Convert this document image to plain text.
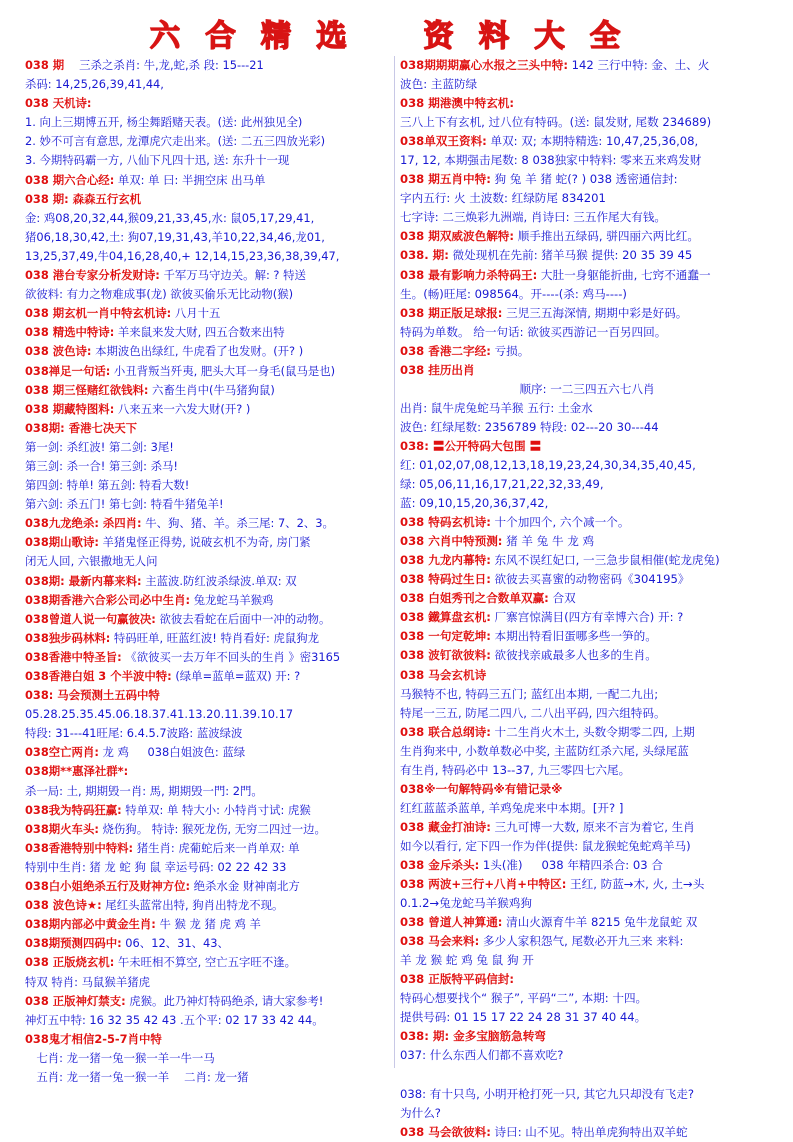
六 合 精 选	资 料 大 全
038 期　 三杀之杀肖: 牛,龙,蛇,杀 段: 15---21
杀码: 14,25,26,39,41,44,
038 天机诗:
1. 向上三期博五开, 杨尘舞蹈赌天表。(送: 此州独见全)
2. 妙不可言有意思, 龙潭虎穴走出来。(送: 二五三四放光彩)
3. 今期特码霸一方, 八仙下凡四十迅, 送: 东升十一现
038 期六合心经: 单双: 单 曰: 半拥空床 出马单
038 期: 森森五行玄机
金: 鸡08,20,32,44,猴09,21,33,45,水: 鼠05,17,29,41,
猪06,18,30,42,土: 狗07,19,31,43,羊10,22,34,46,龙01,
13,25,37,49,牛04,16,28,40,+ 12,14,15,23,36,38,39,47,
038 港台专家分析发财诗: 千军万马守边关。解: ? 特送
欲彼料: 有力之物难成事(龙) 欲彼买偷乐无比动物(猴)
038 期玄机一肖中特玄机诗: 八月十五
038 精选中特诗: 羊来鼠来发大财, 四五合数来出特
038 波色诗: 本期波色出绿红, 牛虎看了也发财。(开? )
038禅足一句话: 小丑背叛当歼夷, 肥头大耳一身毛(鼠马是也)
038 期三怪赌红欲钱料: 六畜生肖中(牛马猪狗鼠)
038 期藏特图料: 八来五来一六发大财(开? )
038期: 香港七决天下
第一剑: 杀红波! 第二剑: 3尾!
第三剑: 杀一合! 第三剑: 杀马!
第四剑: 特单! 第五剑: 特看大数!
第六剑: 杀五门! 第七剑: 特看牛猪兔羊!
038九龙绝杀: 杀四肖: 牛、狗、猪、羊。杀三尾: 7、2、3。
038期山歌诗: 羊猪鬼怪正得势, 说破玄机不为奇, 房门紧
闭无人回, 六银撒地无人问
038期: 最新内幕来料: 主蓝波.防红波杀绿波.单双: 双
038期香港六合彩公司必中生肖: 兔龙蛇马羊猴鸡
038曾道人说一句赢彼决: 欲彼去看蛇在后面中一冲的动物。
038独步码林料: 特码旺单, 旺蓝红波! 特肖看好: 虎鼠狗龙
038香港中特圣旨: 《欲彼买一去万年不回头的生肖 》密3165
038香港白姐 3 个半波中特: (绿单=蓝单=蓝双) 开: ?
038: 马会预测土五码中特
05.28.25.35.45.06.18.37.41.13.20.11.39.10.17
特段: 31---41旺尾: 6.4.5.7波路: 蓝波绿波
038空亡两肖: 龙 鸡 　 038白姐波色: 蓝绿
038期**惠泽社群*:
杀一局: 土, 期期毁一肖: 馬, 期期毁一門: 2門。
038我为特码狂赢: 特单双: 单 特大小: 小特肖寸试: 虎猴
038期火车头: 烧伤狗。 特诗: 猴死龙伤, 无穷二四过一边。
038香港特别中特料: 猪生肖: 虎葡蛇后来一肖单双: 单
特别中生肖: 猪 龙 蛇 狗 鼠 幸运号码: 02 22 42 33
038白小姐绝杀五行及财神方位: 绝杀水金 财神南北方
038 波色诗★: 尾红头蓝常出特, 狗肖出特龙不现。
038期内部必中黄金生肖: 牛 猴 龙 猪 虎 鸡 羊
038期预测四码中: 06、12、31、43、
038 正版烧玄机: 午未旺相不算空, 空亡五字旺不逢。
特双 特肖: 马鼠猴羊猪虎
038 正版神灯禁支: 虎猴。此乃神灯特码绝杀, 请大家参考!
神灯五中特: 16 32 35 42 43 .五个平: 02 17 33 42 44。
038鬼才相信2-5-7肖中特
　七肖: 龙一猪一兔一猴一羊一牛一马
　五肖: 龙一猪一兔一猴一羊　 二肖: 龙一猪
038期期期赢心水报之三头中特: 142 三行中特: 金、土、火
波色: 主蓝防绿
038 期港澳中特玄机:
三八上下有玄机, 过八位有特码。(送: 鼠发财, 尾数 234689)
038单双王资料: 单双: 双; 本期特精选: 10,47,25,36,08,
17, 12, 本期强击尾数: 8 038独家中特料: 零来五来鸡发财
038 期五肖中特: 狗 兔 羊 猪 蛇(? ) 038 透密通信封:
字内五行: 火 土波数: 红绿防尾 834201
七字诗: 二三焕彩九洲端, 肖诗曰: 三五作尾大有钱。
038 期双威波色解特: 顺手推出五绿码, 骈四丽六两比红。
038. 期: 微处现机在先前: 猪羊马猴 提供: 20 35 39 45
038 最有影响力杀特码王: 大肚一身躯能折曲, 七窍不通蠢一
生。(畅)旺尾: 098564。开----(杀: 鸡马----)
038 期正版足球报: 三児三五海深情, 期期中彩是好码。
特码为单数。 给一句话: 欲彼买西游记一百另四回。
038 香港二字经: 亏损。
038 挂历出肖
顺序: 一二三四五六七八肖
出肖: 鼠牛虎兔蛇马羊猴 五行: 土金水
波色: 红绿尾数: 2356789 特段: 02---20 30---44
038: 〓公开特码大包围 〓
红: 01,02,07,08,12,13,18,19,23,24,30,34,35,40,45,
绿: 05,06,11,16,17,21,22,32,33,49,
蓝: 09,10,15,20,36,37,42,
038 特码玄机诗: 十个加四个, 六个减一个。
038 六肖中特预测: 猪 羊 兔 牛 龙 鸡
038 九龙内幕特: 东风不误红妃口, 一三急步鼠相催(蛇龙虎兔)
038 特码过生日: 欲彼去买喜蜜的动物密码《304195》
038 白姐秀刊之合数单双赢: 合双
038 鐵算盘玄机: 厂寨宫惊满目(四方有幸博六合) 开: ?
038 一句定乾坤: 本期出特看旧蛋哪多些一笋的。
038 波钉欲彼料: 欲彼找亲戚最多人也多的生肖。
038 马会玄机诗
马猴特不也, 特码三五门; 蓝红出本期, 一配二九出;
特尾一三五, 防尾二四八, 二八出平码, 四六组特码。
038 联合总纲诗: 十二生肖火木土, 头数令期零二四, 上期
生肖狗来中, 小数单数必中奖, 主蓝防红杀六尾, 头绿尾蓝
有生肖, 特码必中 13--37, 九三零四七六尾。
038※一句解特码※有错记录※
红红蓝蓝杀蓝单, 羊鸡兔虎来中本期。[开? ]
038 藏金打油诗: 三九可博一大数, 原来不言为着它, 生肖
如今以看行, 定下四一作为伴(提供: 鼠龙猴蛇兔蛇鸡羊马)
038 金斥杀头: 1头(准) 　 038 年精四杀合: 03 合
038 两波+三行+八肖+中特区: 王红, 防蓝→木, 火, 土→头
0.1.2→兔龙蛇马羊猴鸡狗
038 曾道人神算通: 清山火源育牛羊 8215 兔牛龙鼠蛇 双
038 马会来料: 多少人家积怨气, 尾数必开九三来 来料:
羊 龙 猴 蛇 鸡 兔 鼠 狗 开
038 正版特平码信封:
特码心想要找个“ 猴子”, 平码“二”, 本期: 十四。
提供号码: 01 15 17 22 24 28 31 37 40 44。
038: 期: 金多宝脑筋急转弯
037: 什么东西人们都不喜欢吃?

038: 有十只鸟, 小明开枪打死一只, 其它九只却没有飞走?
为什么?
038 马会欲彼料: 诗曰: 山不见。特出单虎狗特出双羊蛇
